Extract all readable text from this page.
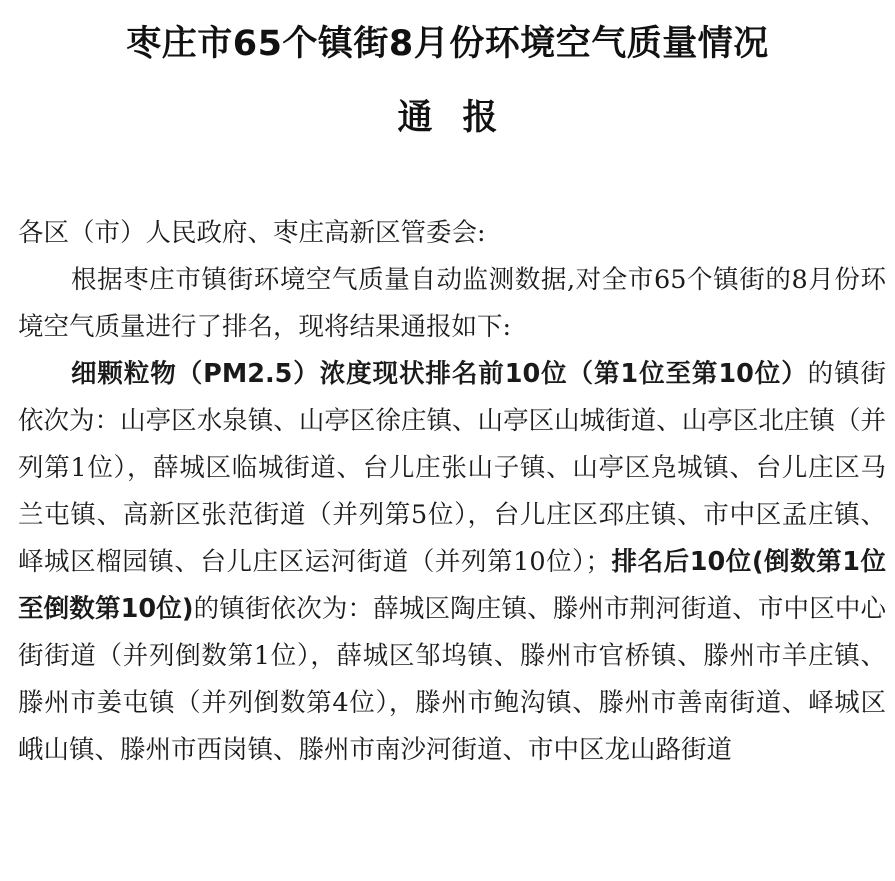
枣庄市65个镇街8月份环境空气质量情况
通报

各区（市）人民政府、枣庄高新区管委会:

根据枣庄市镇街环境空气质量自动监测数据,对全市65个镇街的8月份环境空气质量进行了排名，现将结果通报如下:

细颗粒物（PM2.5）浓度现状排名前10位（第1位至第10位）的镇街依次为：山亭区水泉镇、山亭区徐庄镇、山亭区山城街道、山亭区北庄镇（并列第1位），薛城区临城街道、台儿庄张山子镇、山亭区凫城镇、台儿庄区马兰屯镇、高新区张范街道（并列第5位），台儿庄区邳庄镇、市中区孟庄镇、峄城区榴园镇、台儿庄区运河街道（并列第10位）；排名后10位(倒数第1位至倒数第10位)的镇街依次为：薛城区陶庄镇、滕州市荆河街道、市中区中心街街道（并列倒数第1位），薛城区邹坞镇、滕州市官桥镇、滕州市羊庄镇、滕州市姜屯镇（并列倒数第4位），滕州市鲍沟镇、滕州市善南街道、峄城区峨山镇、滕州市西岗镇、滕州市南沙河街道、市中区龙山路街道
